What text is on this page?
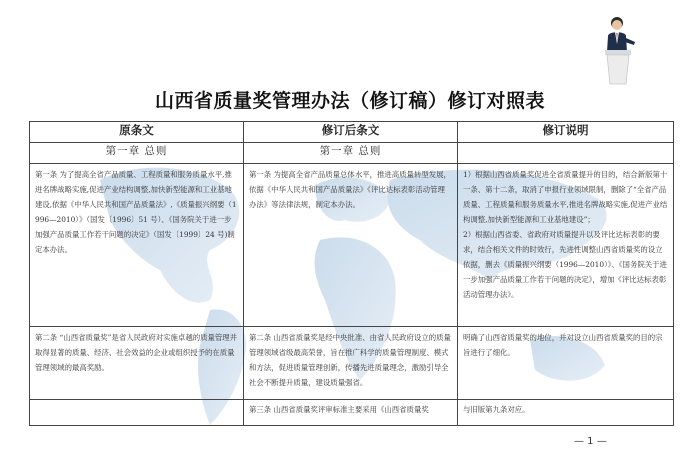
山西省质量奖管理办法（修订稿）修订对照表
原条文	修订后条文	修订说明
第一章 总则	第一章 总则	
第一条 为了提高全省产品质量、工程质量和服务质量水平,推进名牌战略实施,促进产业结构调整,加快新型能源和工业基地建设,依据《中华人民共和国产品质量法》,《质量振兴纲要（1996—2010）》（国发〔1996〕51 号）、《国务院关于进一步加强产品质量工作若干问题的决定》（国发〔1999〕24 号)制定本办法。	第一条 为提高全省产品质量总体水平，推进高质量转型发展，依据《中华人民共和国产品质量法》《评比达标表彰活动管理办法》等法律法规，制定本办法。	1）根据山西省质量奖促进全省质量提升的目的，结合新版第十一条、第十二条，取消了申报行业领域限制，删除了“全省产品质量、工程质量和服务质量水平,推进名牌战略实施,促进产业结构调整,加快新型能源和工业基地建设”；
2）根据山西省委、省政府对质量提升以及评比达标表彰的要求，结合相关文件的时效行，先进性调整山西省质量奖的设立依据，删去《质量振兴纲要（1996—2010）》、《国务院关于进一步加强产品质量工作若干问题的决定》，增加《评比达标表彰活动管理办法》。
第二条 “山西省质量奖”是省人民政府对实施卓越的质量管理并取得显著的质量、经济、社会效益的企业或组织授予的在质量管理领域的最高奖励。	第二条 山西省质量奖是经中央批准、由省人民政府设立的质量管理领域省级最高荣誉，旨在推广科学的质量管理制度、模式和方法，促进质量管理创新，传播先进质量理念，激励引导全社会不断提升质量，建设质量强省。	明确了山西省质量奖的地位，并对设立山西省质量奖的目的宗旨进行了细化。
	第三条 山西省质量奖评审标准主要采用《山西省质量奖	与旧版第九条对应。
— 1 —
